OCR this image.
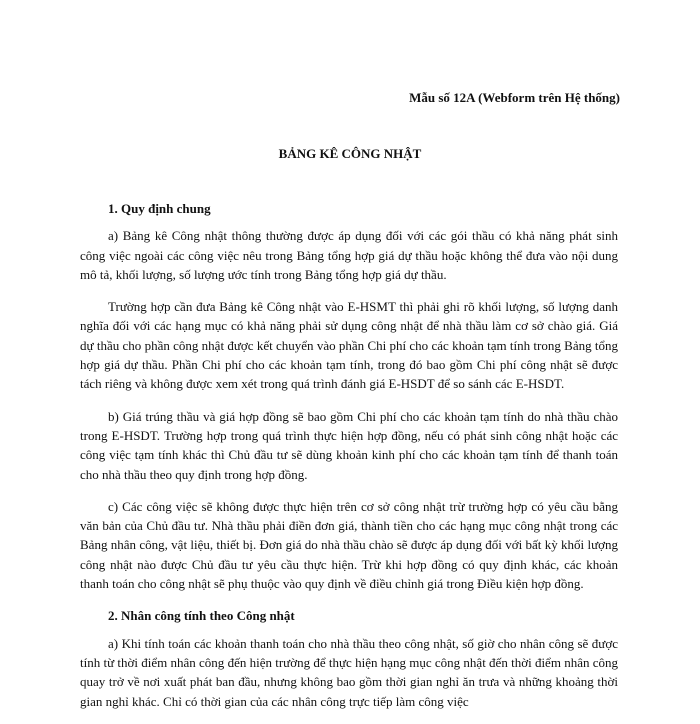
Mẫu số 12A (Webform trên Hệ thống)
BẢNG KÊ CÔNG NHẬT
1. Quy định chung

a) Bảng kê Công nhật thông thường được áp dụng đối với các gói thầu có khả năng phát sinh công việc ngoài các công việc nêu trong Bảng tổng hợp giá dự thầu hoặc không thể đưa vào nội dung mô tả, khối lượng, số lượng ước tính trong Bảng tổng hợp giá dự thầu.

Trường hợp cần đưa Bảng kê Công nhật vào E-HSMT thì phải ghi rõ khối lượng, số lượng danh nghĩa đối với các hạng mục có khả năng phải sử dụng công nhật để nhà thầu làm cơ sở chào giá. Giá dự thầu cho phần công nhật được kết chuyển vào phần Chi phí cho các khoản tạm tính trong Bảng tổng hợp giá dự thầu. Phần Chi phí cho các khoản tạm tính, trong đó bao gồm Chi phí công nhật sẽ được tách riêng và không được xem xét trong quá trình đánh giá E-HSDT để so sánh các E-HSDT.

b) Giá trúng thầu và giá hợp đồng sẽ bao gồm Chi phí cho các khoản tạm tính do nhà thầu chào trong E-HSDT. Trường hợp trong quá trình thực hiện hợp đồng, nếu có phát sinh công nhật hoặc các công việc tạm tính khác thì Chủ đầu tư sẽ dùng khoản kinh phí cho các khoản tạm tính để thanh toán cho nhà thầu theo quy định trong hợp đồng.

c) Các công việc sẽ không được thực hiện trên cơ sở công nhật trừ trường hợp có yêu cầu bằng văn bản của Chủ đầu tư. Nhà thầu phải điền đơn giá, thành tiền cho các hạng mục công nhật trong các Bảng nhân công, vật liệu, thiết bị. Đơn giá do nhà thầu chào sẽ được áp dụng đối với bất kỳ khối lượng công nhật nào được Chủ đầu tư yêu cầu thực hiện. Trừ khi hợp đồng có quy định khác, các khoản thanh toán cho công nhật sẽ phụ thuộc vào quy định về điều chỉnh giá trong Điều kiện hợp đồng.

2. Nhân công tính theo Công nhật

a) Khi tính toán các khoản thanh toán cho nhà thầu theo công nhật, số giờ cho nhân công sẽ được tính từ thời điểm nhân công đến hiện trường để thực hiện hạng mục công nhật đến thời điểm nhân công quay trở về nơi xuất phát ban đầu, nhưng không bao gồm thời gian nghỉ ăn trưa và những khoảng thời gian nghỉ khác. Chỉ có thời gian của các nhân công trực tiếp làm công việc
